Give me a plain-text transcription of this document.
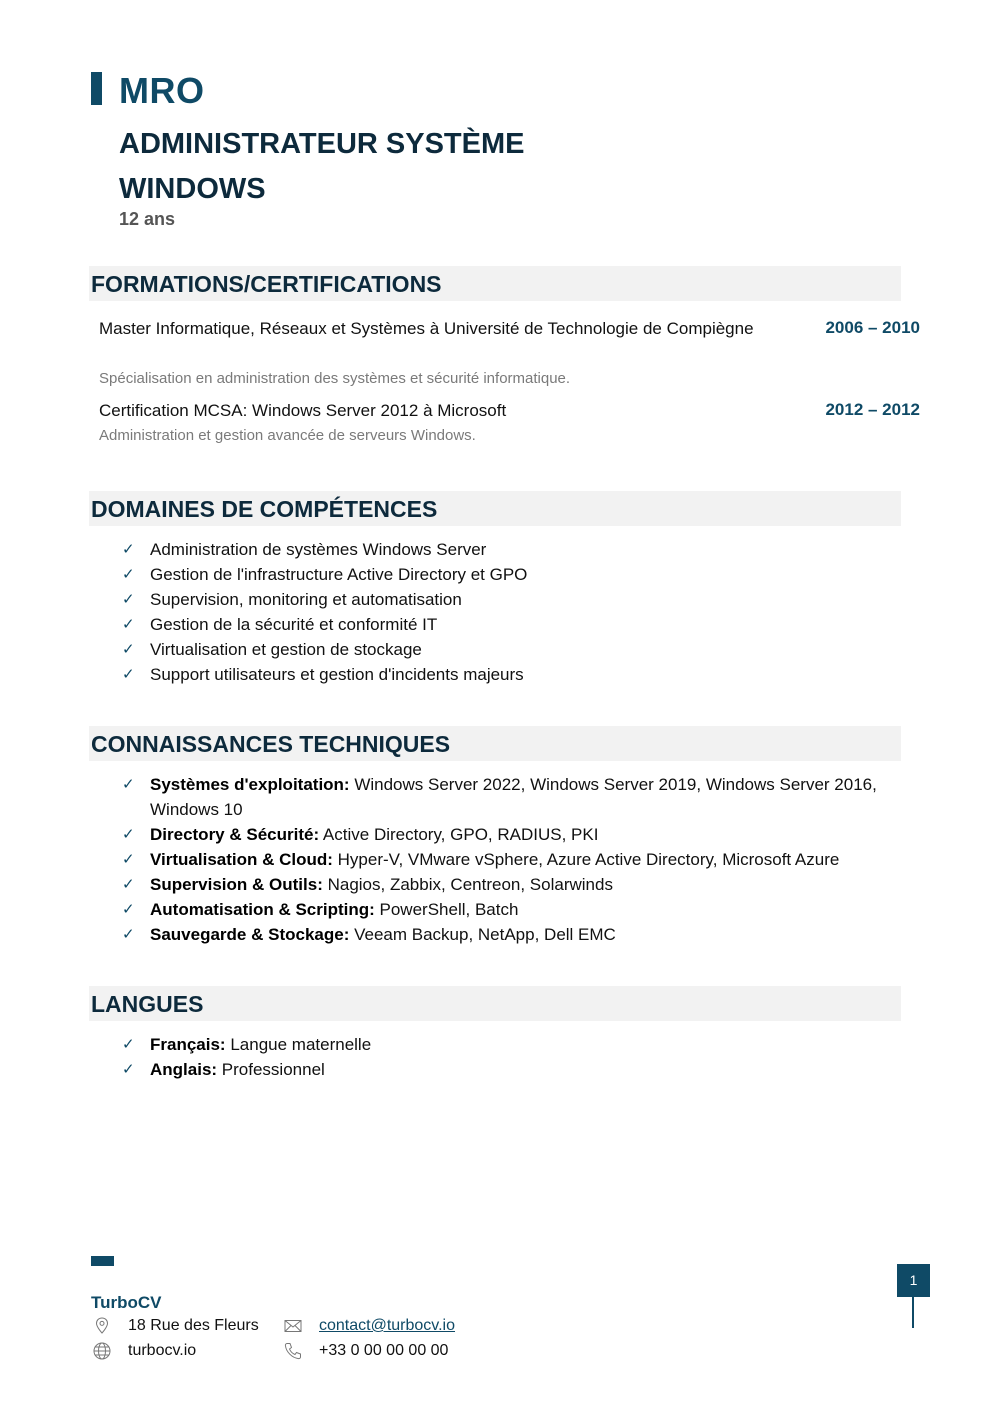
MRO
ADMINISTRATEUR SYSTÈME WINDOWS
12 ans
FORMATIONS/CERTIFICATIONS
Master Informatique, Réseaux et Systèmes à Université de Technologie de Compiègne	2006 – 2010
Spécialisation en administration des systèmes et sécurité informatique.
Certification MCSA: Windows Server 2012 à Microsoft	2012 – 2012
Administration et gestion avancée de serveurs Windows.
DOMAINES DE COMPÉTENCES
✓ Administration de systèmes Windows Server
✓ Gestion de l'infrastructure Active Directory et GPO
✓ Supervision, monitoring et automatisation
✓ Gestion de la sécurité et conformité IT
✓ Virtualisation et gestion de stockage
✓ Support utilisateurs et gestion d'incidents majeurs
CONNAISSANCES TECHNIQUES
✓ Systèmes d'exploitation: Windows Server 2022, Windows Server 2019, Windows Server 2016, Windows 10
✓ Directory & Sécurité: Active Directory, GPO, RADIUS, PKI
✓ Virtualisation & Cloud: Hyper-V, VMware vSphere, Azure Active Directory, Microsoft Azure
✓ Supervision & Outils: Nagios, Zabbix, Centreon, Solarwinds
✓ Automatisation & Scripting: PowerShell, Batch
✓ Sauvegarde & Stockage: Veeam Backup, NetApp, Dell EMC
LANGUES
✓ Français: Langue maternelle
✓ Anglais: Professionnel
TurboCV
18 Rue des Fleurs
turbocv.io
contact@turbocv.io
+33 0 00 00 00 00
1
